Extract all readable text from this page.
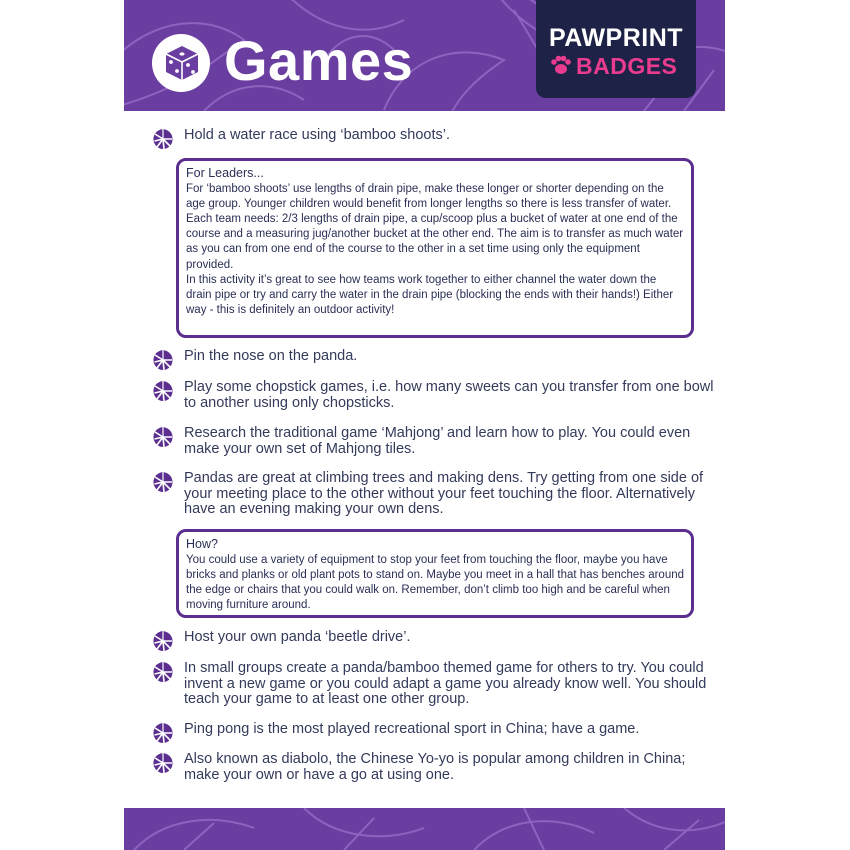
Games	PAWPRINT
BADGES
Hold a water race using ‘bamboo shoots’.
For Leaders...
For ‘bamboo shoots’ use lengths of drain pipe, make these longer or shorter depending on the age group. Younger children would benefit from longer lengths so there is less transfer of water.
Each team needs: 2/3 lengths of drain pipe, a cup/scoop plus a bucket of water at one end of the course and a measuring jug/another bucket at the other end. The aim is to transfer as much water as you can from one end of the course to the other in a set time using only the equipment provided.
In this activity it’s great to see how teams work together to either channel the water down the drain pipe or try and carry the water in the drain pipe (blocking the ends with their hands!) Either way - this is definitely an outdoor activity!
Pin the nose on the panda.
Play some chopstick games, i.e. how many sweets can you transfer from one bowl to another using only chopsticks.
Research the traditional game ‘Mahjong’ and learn how to play. You could even make your own set of Mahjong tiles.
Pandas are great at climbing trees and making dens. Try getting from one side of your meeting place to the other without your feet touching the floor. Alternatively have an evening making your own dens.
How?
You could use a variety of equipment to stop your feet from touching the floor, maybe you have bricks and planks or old plant pots to stand on. Maybe you meet in a hall that has benches around the edge or chairs that you could walk on. Remember, don’t climb too high and be careful when moving furniture around.
Host your own panda ‘beetle drive’.
In small groups create a panda/bamboo themed game for others to try. You could invent a new game or you could adapt a game you already know well. You should teach your game to at least one other group.
Ping pong is the most played recreational sport in China; have a game.
Also known as diabolo, the Chinese Yo-yo is popular among children in China; make your own or have a go at using one.
